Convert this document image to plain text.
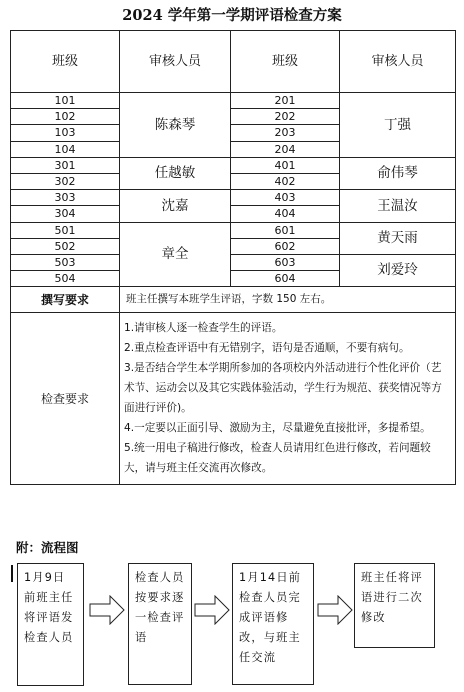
2024 学年第一学期评语检查方案
班级	审核人员	班级	审核人员
101	陈森琴	201	丁强
102		202	
103		203	
104		204	
301	任越敏	401	俞伟琴
302		402	
303	沈嘉	403	王温汝
304		404	
501	章全	601	黄天雨
502		602	
503		603	刘爱玲
504		604	
撰写要求	班主任撰写本班学生评语，字数 150 左右。		
检查要求	1.请审核人逐一检查学生的评语。
2.重点检查评语中有无错别字，语句是否通顺，不要有病句。
3.是否结合学生本学期所参加的各项校内外活动进行个性化评价（艺术节、运动会以及其它实践体验活动，学生行为规范、获奖情况等方面进行评价)。
4.一定要以正面引导、激励为主，尽量避免直接批评，多提希望。
5.统一用电子稿进行修改，检查人员请用红色进行修改，若问题较大，请与班主任交流再次修改。		
附：流程图
1月9日前班主任将评语发检查人员
检查人员按要求逐一检查评语
1月14日前检查人员完成评语修改，与班主任交流
班主任将评语进行二次修改
